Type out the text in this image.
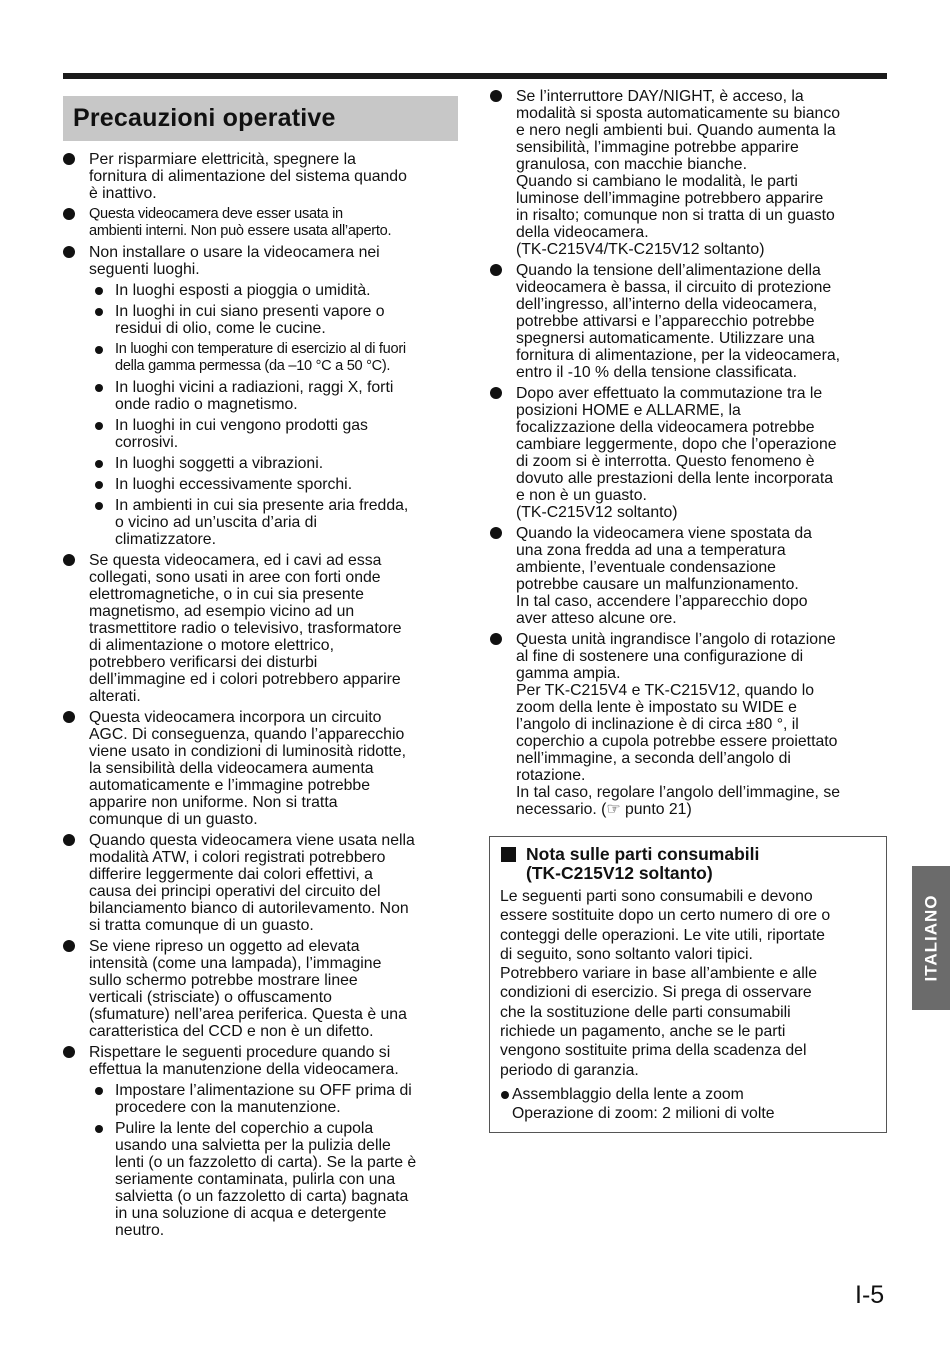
Precauzioni operative
Per risparmiare elettricità, spegnere la
fornitura di alimentazione del sistema quando
è inattivo.
Questa videocamera deve esser usata in
ambienti interni. Non può essere usata all’aperto.
Non installare o usare la videocamera nei
seguenti luoghi.
In luoghi esposti a pioggia o umidità.
In luoghi in cui siano presenti vapore o
residui di olio, come le cucine.
In luoghi con temperature di esercizio al di fuori
della gamma permessa (da –10 °C a 50 °C).
In luoghi vicini a radiazioni, raggi X, forti
onde radio o magnetismo.
In luoghi in cui vengono prodotti gas
corrosivi.
In luoghi soggetti a vibrazioni.
In luoghi eccessivamente sporchi.
In ambienti in cui sia presente aria fredda,
o vicino ad un’uscita d’aria di
climatizzatore.
Se questa videocamera, ed i cavi ad essa
collegati, sono usati in aree con forti onde
elettromagnetiche, o in cui sia presente
magnetismo, ad esempio vicino ad un
trasmettitore radio o televisivo, trasformatore
di alimentazione o motore elettrico,
potrebbero verificarsi dei disturbi
dell’immagine ed i colori potrebbero apparire
alterati.
Questa videocamera incorpora un circuito
AGC. Di conseguenza, quando l’apparecchio
viene usato in condizioni di luminosità ridotte,
la sensibilità della videocamera aumenta
automaticamente e l’immagine potrebbe
apparire non uniforme. Non si tratta
comunque di un guasto.
Quando questa videocamera viene usata nella
modalità ATW, i colori registrati potrebbero
differire leggermente dai colori effettivi, a
causa dei principi operativi del circuito del
bilanciamento bianco di autorilevamento. Non
si tratta comunque di un guasto.
Se viene ripreso un oggetto ad elevata
intensità (come una lampada), l’immagine
sullo schermo potrebbe mostrare linee
verticali (strisciate) o offuscamento
(sfumature) nell’area periferica. Questa è una
caratteristica del CCD e non è un difetto.
Rispettare le seguenti procedure quando si
effettua la manutenzione della videocamera.
Impostare l’alimentazione su OFF prima di
procedere con la manutenzione.
Pulire la lente del coperchio a cupola
usando una salvietta per la pulizia delle
lenti (o un fazzoletto di carta). Se la parte è
seriamente contaminata, pulirla con una
salvietta (o un fazzoletto di carta) bagnata
in una soluzione di acqua e detergente
neutro.
Se l’interruttore DAY/NIGHT, è acceso, la
modalità si sposta automaticamente su bianco
e nero negli ambienti bui. Quando aumenta la
sensibilità, l’immagine potrebbe apparire
granulosa, con macchie bianche.
Quando si cambiano le modalità, le parti
luminose dell’immagine potrebbero apparire
in risalto; comunque non si tratta di un guasto
della videocamera.
(TK-C215V4/TK-C215V12 soltanto)
Quando la tensione dell’alimentazione della
videocamera è bassa, il circuito di protezione
dell’ingresso, all’interno della videocamera,
potrebbe attivarsi e l’apparecchio potrebbe
spegnersi automaticamente. Utilizzare una
fornitura di alimentazione, per la videocamera,
entro il -10 % della tensione classificata.
Dopo aver effettuato la commutazione tra le
posizioni HOME e ALLARME, la
focalizzazione della videocamera potrebbe
cambiare leggermente, dopo che l’operazione
di zoom si è interrotta. Questo fenomeno è
dovuto alle prestazioni della lente incorporata
e non è un guasto.
(TK-C215V12 soltanto)
Quando la videocamera viene spostata da
una zona fredda ad una a temperatura
ambiente, l’eventuale condensazione
potrebbe causare un malfunzionamento.
In tal caso, accendere l’apparecchio dopo
aver atteso alcune ore.
Questa unità ingrandisce l’angolo di rotazione
al fine di sostenere una configurazione di
gamma ampia.
Per TK-C215V4 e TK-C215V12, quando lo
zoom della lente è impostato su WIDE e
l’angolo di inclinazione è di circa ±80 °, il
coperchio a cupola potrebbe essere proiettato
nell’immagine, a seconda dell’angolo di
rotazione.
In tal caso, regolare l’angolo dell’immagine, se
necessario. (☞ punto 21)
Nota sulle parti consumabili
(TK-C215V12 soltanto)
Le seguenti parti sono consumabili e devono
essere sostituite dopo un certo numero di ore o
conteggi delle operazioni. Le vite utili, riportate
di seguito, sono soltanto valori tipici.
Potrebbero variare in base all’ambiente e alle
condizioni di esercizio. Si prega di osservare
che la sostituzione delle parti consumabili
richiede un pagamento, anche se le parti
vengono sostituite prima della scadenza del
periodo di garanzia.
Assemblaggio della lente a zoom
Operazione di zoom: 2 milioni di volte
ITALIANO
I-5
